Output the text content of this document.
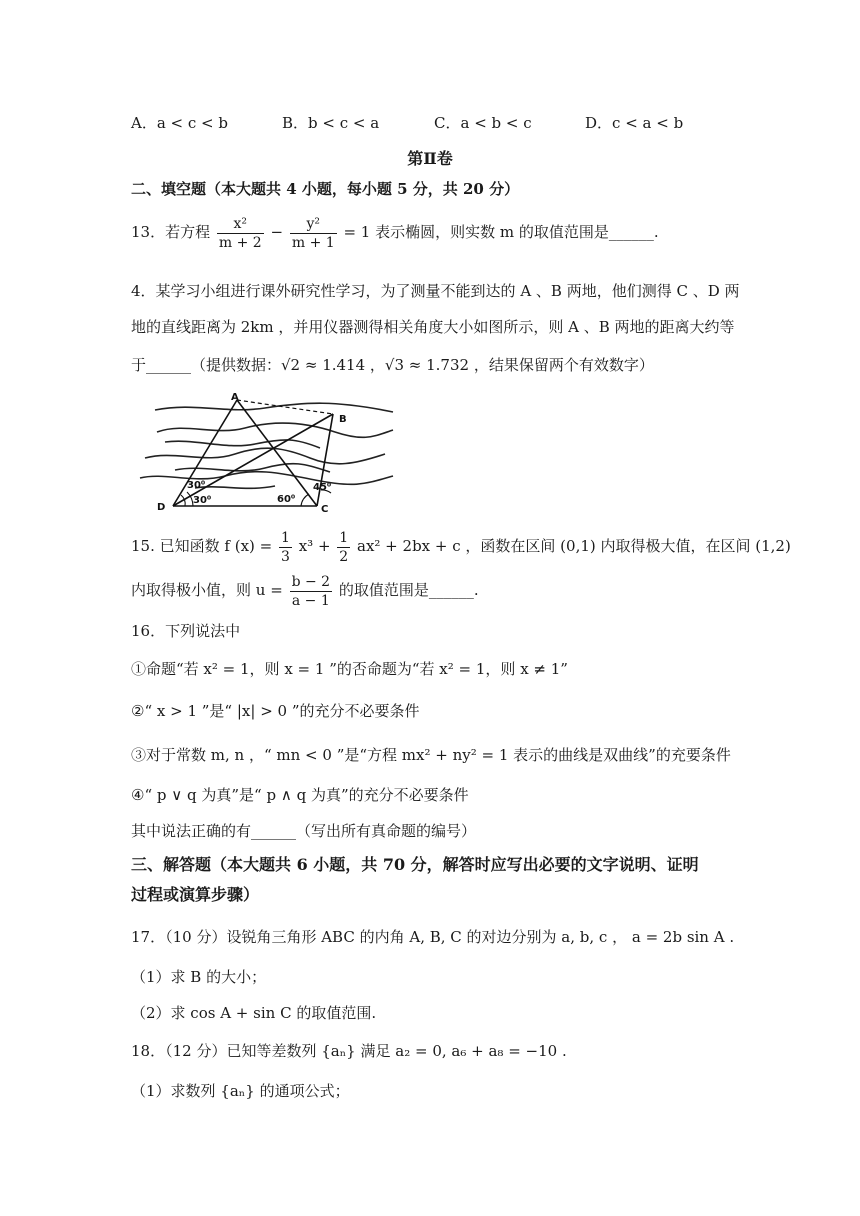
A．a < c < b	B．b < c < a	C．a < b < c	D．c < a < b
第Ⅱ卷
二、填空题（本大题共 4 小题，每小题 5 分，共 20 分）
13．若方程 $\frac{\text{x²}}{m + 2} - \frac{\text{y²}}{m + 1} = 1$ 表示椭圆，则实数 m 的取值范围是______.
4．某学习小组进行课外研究性学习，为了测量不能到达的 A 、B 两地，他们测得 C 、D 两
地的直线距离为 2km ，并用仪器测得相关角度大小如图所示，则 A 、B 两地的距离大约等
于______（提供数据：√2 ≈ 1.414 ，√3 ≈ 1.732 ，结果保留两个有效数字）
A
B
C
D
30⁰
30⁰	60⁰
45⁰
15. 已知函数 f $(x) = \frac{1}{3} x^3 + \frac{1}{2} ax^2 + 2bx + c$ ，函数在区间 (0,1) 内取得极大值，在区间 (1,2)
内取得极小值，则 $u = \frac{b - 2}{a - 1}$ 的取值范围是______.
16．下列说法中
①命题“若 x² = 1，则 x = 1 ”的否命题为“若 x² = 1，则 x ≠ 1”
②“ x > 1 ”是“ |x| > 0 ”的充分不必要条件
③对于常数 m, n ，“ mn < 0 ”是“方程 mx² + ny² = 1 表示的曲线是双曲线”的充要条件
④“ p ∨ q 为真”是“ p ∧ q 为真”的充分不必要条件
其中说法正确的有______（写出所有真命题的编号）
三、解答题（本大题共 6 小题，共 70 分，解答时应写出必要的文字说明、证明
过程或演算步骤）
17．（10 分）设锐角三角形 ABC 的内角 A, B, C 的对边分别为 a, b, c ， a = 2b sin A .
（1）求 B 的大小；
（2）求 cos A + sin C 的取值范围.
18．（12 分）已知等差数列 {aₙ} 满足 a₂ = 0, a₆ + a₈ = −10 .
（1）求数列 {aₙ} 的通项公式；
